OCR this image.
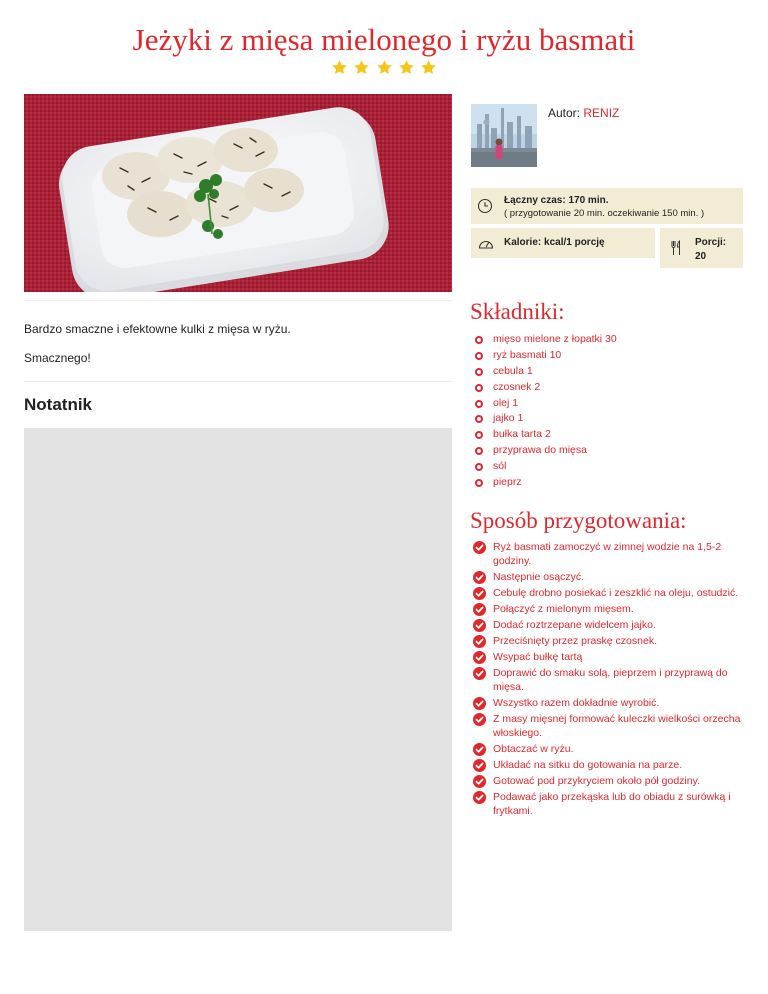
Jeżyki z mięsa mielonego i ryżu basmati

Bardzo smaczne i efektowne kulki z mięsa w ryżu.

Smacznego!

Notatnik
Autor: RENIZ
Łączny czas: 170 min.
( przygotowanie 20 min. oczekiwanie 150 min. )
Kalorie: kcal/1 porcję	Porcji:
20
Składniki:
mięso mielone z łopatki 30
ryż basmati 10
cebula 1
czosnek 2
olej 1
jajko 1
bułka tarta 2
przyprawa do mięsa
sól
pieprz
Sposób przygotowania:
Ryż basmati zamoczyć w zimnej wodzie na 1,5-2 godziny.
Następnie osączyć.
Cebulę drobno posiekać i zeszklić na oleju, ostudzić.
Połączyć z mielonym mięsem.
Dodać roztrzepane widelcem jajko.
Przeciśnięty przez praskę czosnek.
Wsypać bułkę tartą
Doprawić do smaku solą, pieprzem i przyprawą do mięsa.
Wszystko razem dokładnie wyrobić.
Z masy mięsnej formować kuleczki wielkości orzecha włoskiego.
Obtaczać w ryżu.
Układać na sitku do gotowania na parze.
Gotować pod przykryciem około pół godziny.
Podawać jako przekąska lub do obiadu z surówką i frytkami.
